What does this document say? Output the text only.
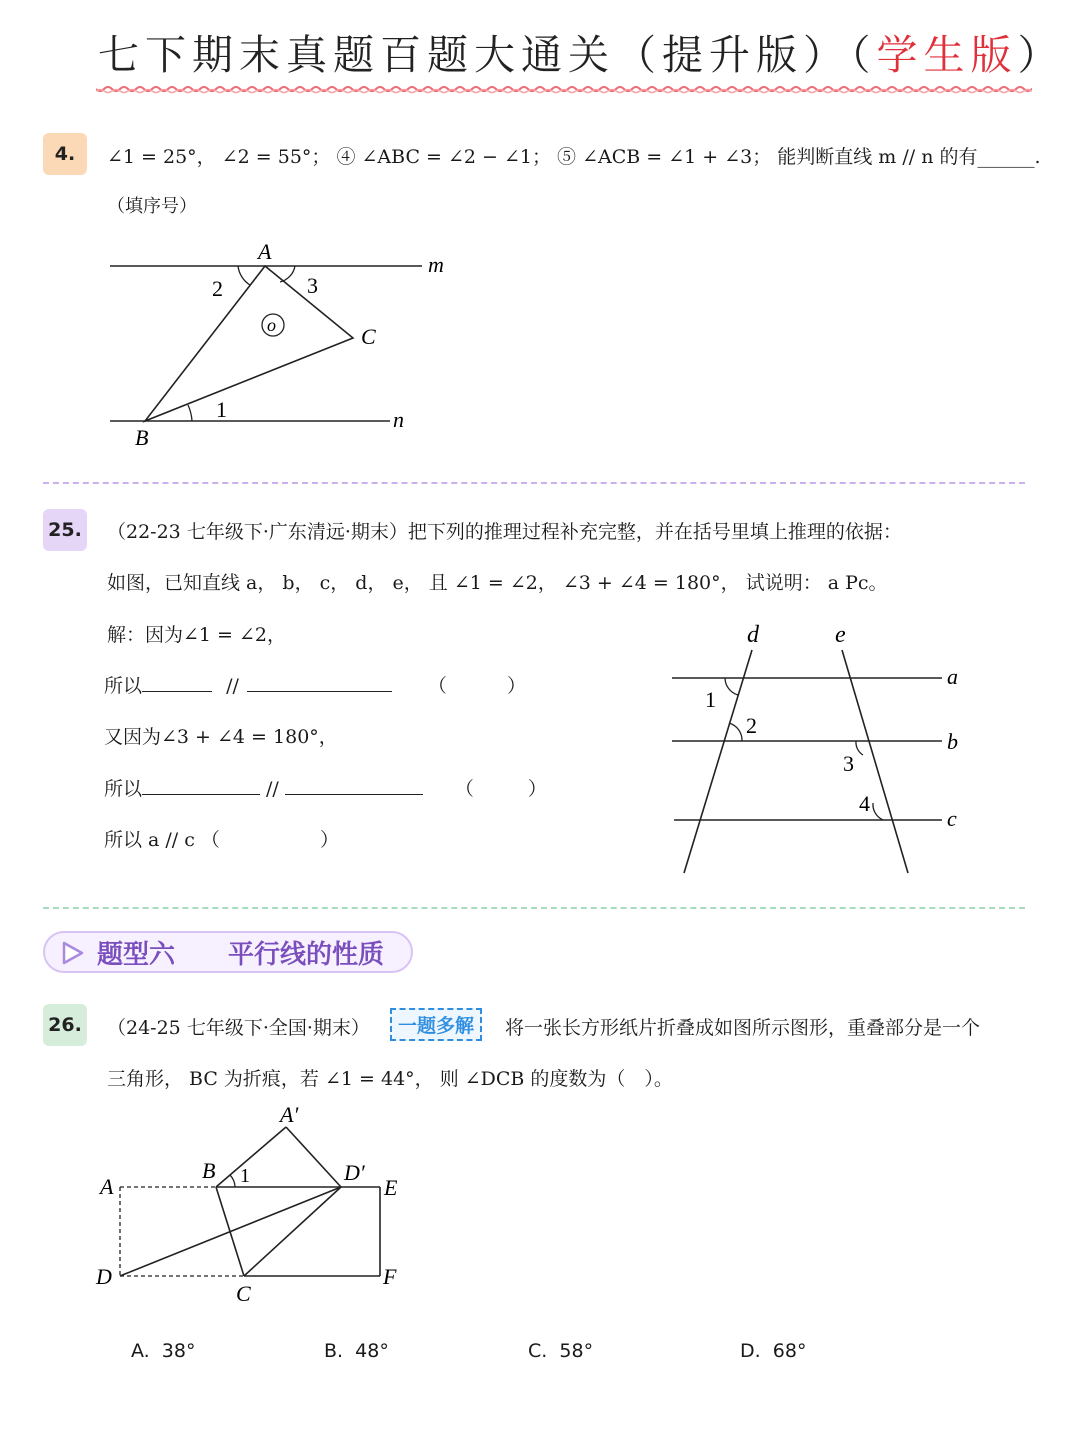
七下期末真题百题大通关（提升版）（学生版）
4.	∠1 = 25°， ∠2 = 55°； ④ ∠ABC = ∠2 − ∠1； ⑤ ∠ACB = ∠1 + ∠3； 能判断直线 m // n 的有______.
（填序号）
o
A
B
C
m
n
2	3
1
25. （22-23 七年级下·广东清远·期末）把下列的推理过程补充完整，并在括号里填上推理的依据：
如图，已知直线 a， b， c， d， e， 且 ∠1 = ∠2， ∠3 + ∠4 = 180°， 试说明： a Pc。
解：因为∠1 = ∠2，
所以	//	（	）
又因为∠3 + ∠4 = 180°，
所以	//	（	）
所以 a // c （	）
d	e
a
b
c
1
2
3
4
题型六 平行线的性质
26. （24-25 七年级下·全国·期末）	一题多解	将一张长方形纸片折叠成如图所示图形，重叠部分是一个
三角形， BC 为折痕，若 ∠1 = 44°， 则 ∠DCB 的度数为（　）。
A′
A
B 1	D′
E
D
C
F
A. 38°	B. 48°	C. 58°	D. 68°
